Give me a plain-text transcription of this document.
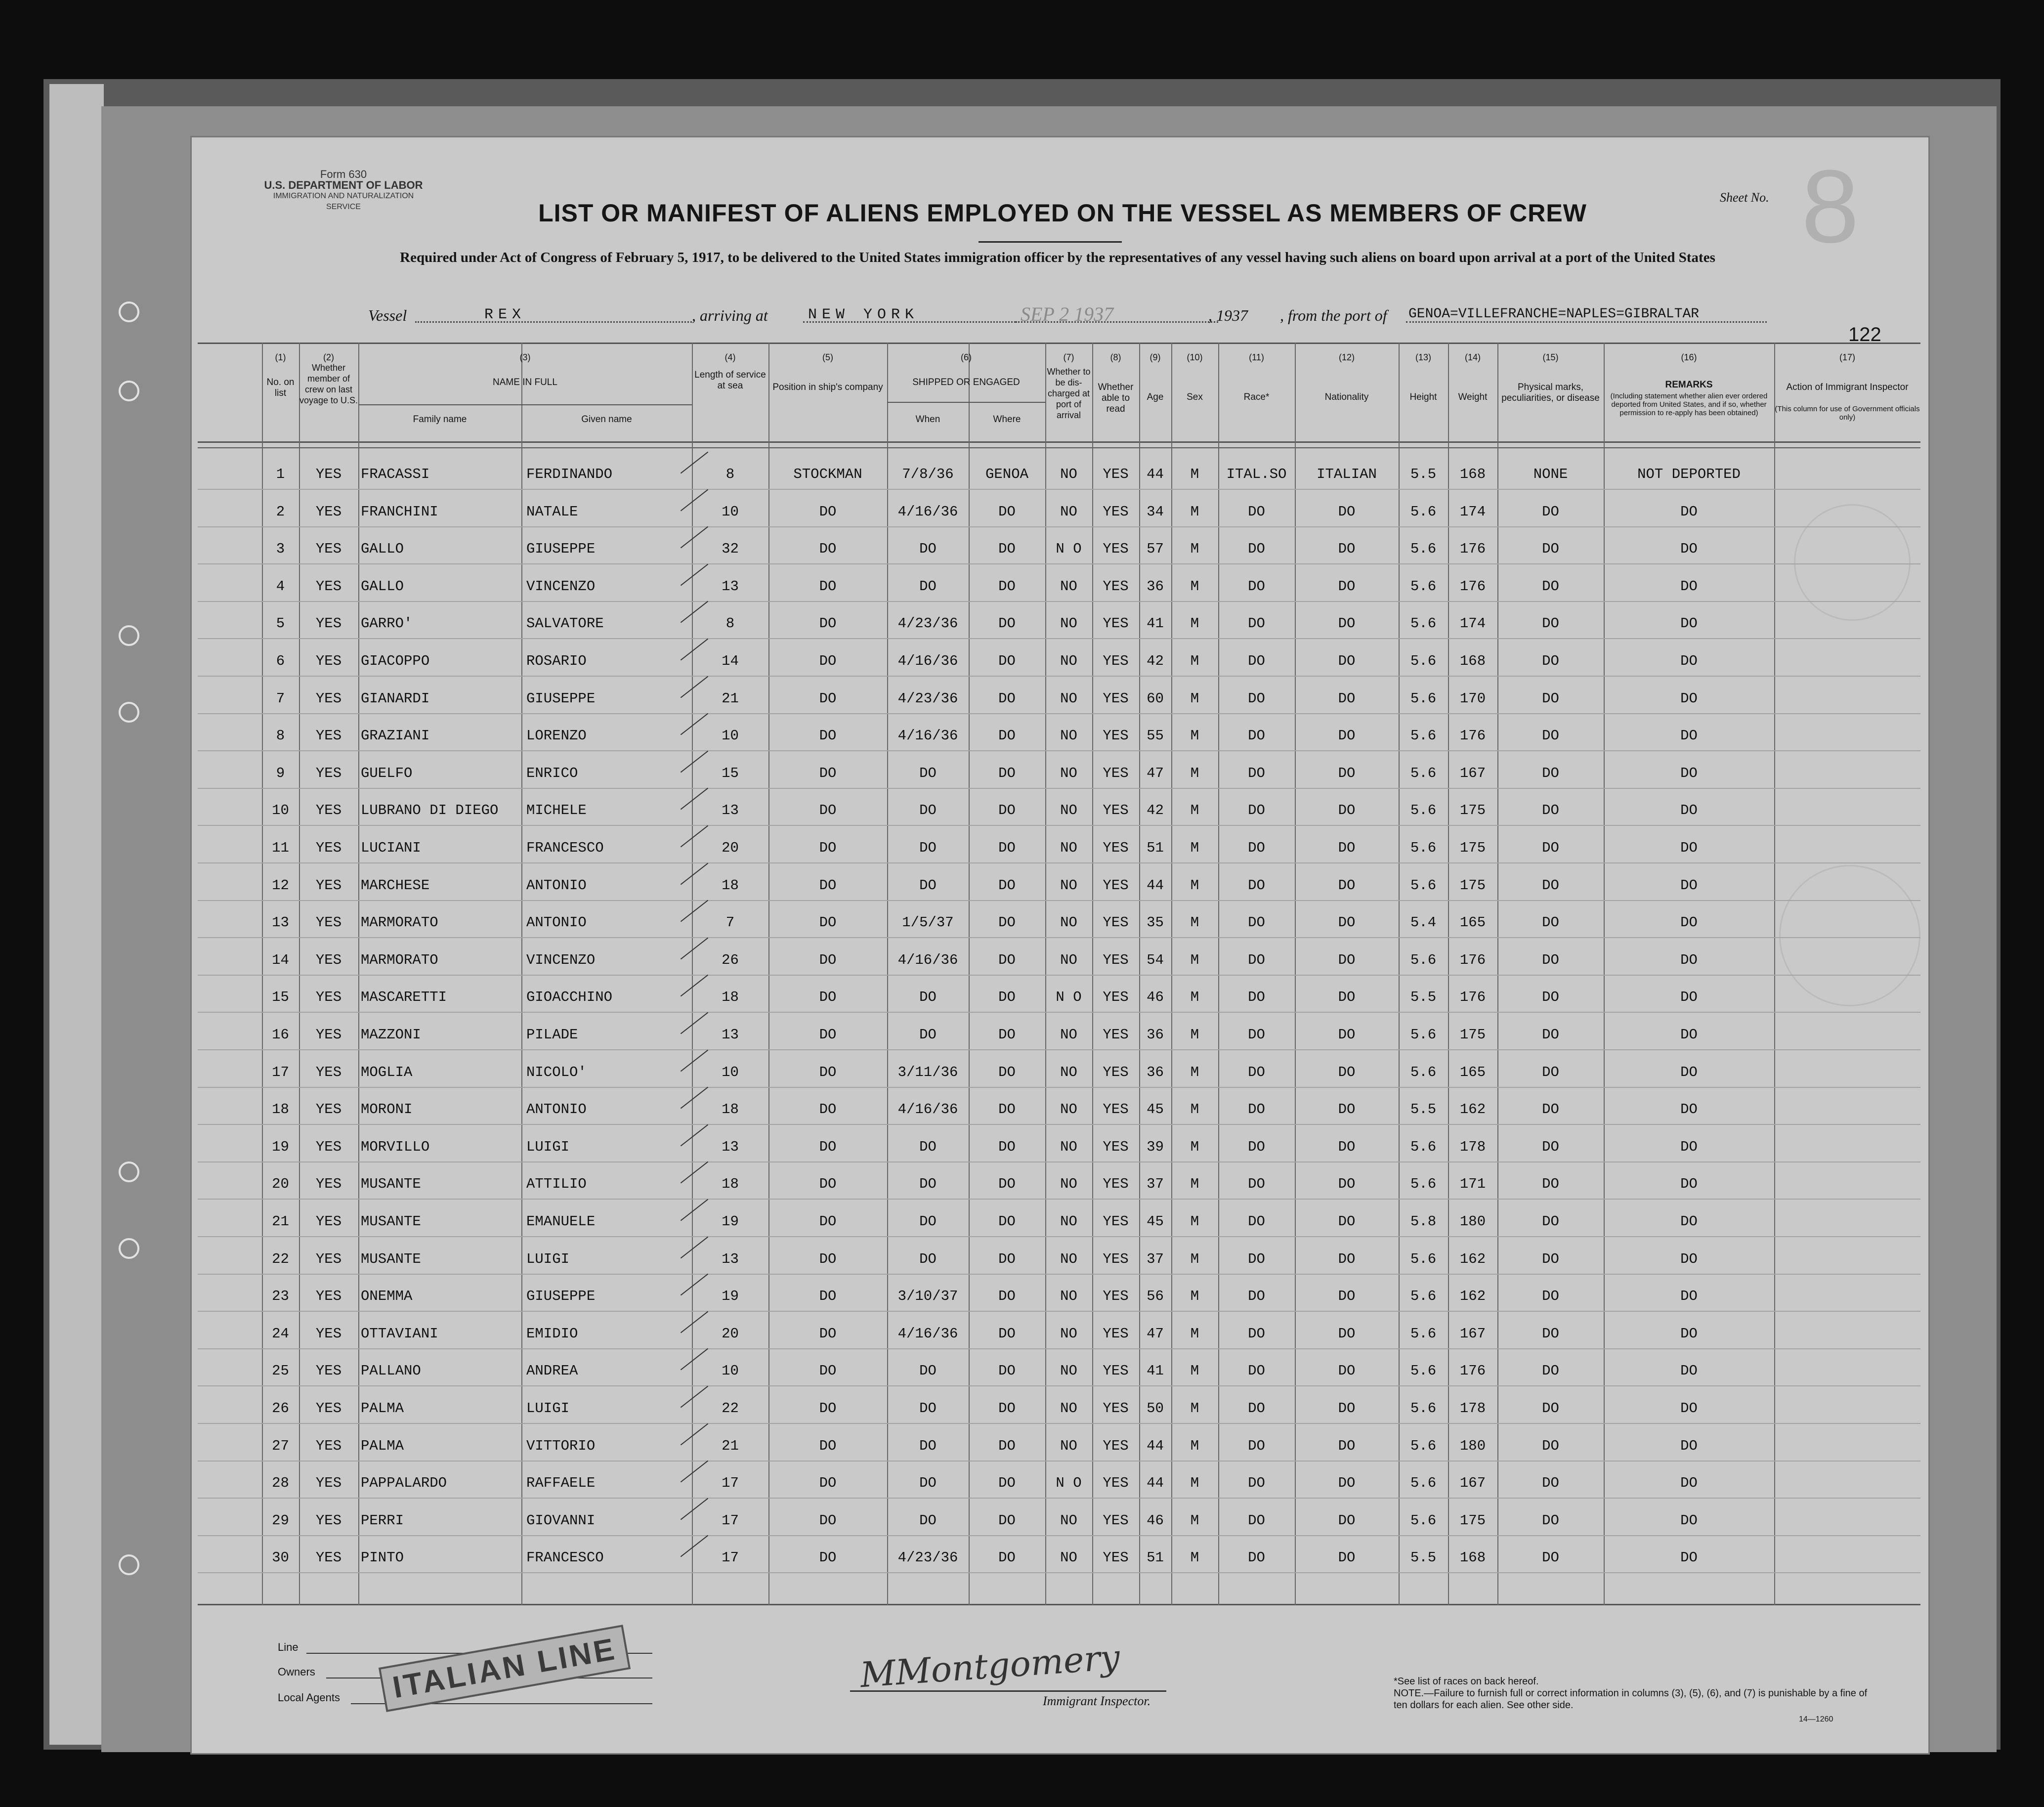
Form 630
U.S. DEPARTMENT OF LABOR
IMMIGRATION AND NATURALIZATION SERVICE
Sheet No. 8
LIST OR MANIFEST OF ALIENS EMPLOYED ON THE VESSEL AS MEMBERS OF CREW
Required under Act of Congress of February 5, 1917, to be delivered to the United States immigration officer by the representatives of any vessel having such aliens on board upon arrival at a port of the United States
Vessel	REX	, arriving at	NEW YORK	SEP 2 1937	, 1937 , from the port of GENOA=VILLEFRANCHE=NAPLES=GIBRALTAR
122
(1)	(2)	(3)	(4)	(5)	(6)	(7)	(8)	(9)	(10)	(11)	(12)	(13)	(14)	(15)	(16)	(17)
No. on list
Whether member of crew on last voyage to U.S.
NAME IN FULL
Family name	Given name
Length of service at sea	Position in ship's company	SHIPPED OR ENGAGED
When	Where
Whether to be dis-charged at port of arrival
Whether able to read
Age	Sex	Race*	Nationality	Height	Weight
Physical marks, peculiarities, or disease
REMARKS
(Including statement whether alien ever ordered deported from United States, and if so, whether permission to re-apply has been obtained)
Action of Immigrant Inspector
(This column for use of Government officials only)
1	YES	FRACASSI	FERDINANDO	8	STOCKMAN	7/8/36	GENOA	NO	YES	44	M	ITAL.SO	ITALIAN	5.5	168	NONE	NOT DEPORTED
2	YES	FRANCHINI	NATALE	10	DO	4/16/36	DO	NO	YES	34	M	DO	DO	5.6	174	DO	DO
3	YES	GALLO	GIUSEPPE	32	DO	DO	DO	N O	YES	57	M	DO	DO	5.6	176	DO	DO
4	YES	GALLO	VINCENZO	13	DO	DO	DO	NO	YES	36	M	DO	DO	5.6	176	DO	DO
5	YES	GARRO'	SALVATORE	8	DO	4/23/36	DO	NO	YES	41	M	DO	DO	5.6	174	DO	DO
6	YES	GIACOPPO	ROSARIO	14	DO	4/16/36	DO	NO	YES	42	M	DO	DO	5.6	168	DO	DO
7	YES	GIANARDI	GIUSEPPE	21	DO	4/23/36	DO	NO	YES	60	M	DO	DO	5.6	170	DO	DO
8	YES	GRAZIANI	LORENZO	10	DO	4/16/36	DO	NO	YES	55	M	DO	DO	5.6	176	DO	DO
9	YES	GUELFO	ENRICO	15	DO	DO	DO	NO	YES	47	M	DO	DO	5.6	167	DO	DO
10	YES	LUBRANO DI DIEGO	MICHELE	13	DO	DO	DO	NO	YES	42	M	DO	DO	5.6	175	DO	DO
11	YES	LUCIANI	FRANCESCO	20	DO	DO	DO	NO	YES	51	M	DO	DO	5.6	175	DO	DO
12	YES	MARCHESE	ANTONIO	18	DO	DO	DO	NO	YES	44	M	DO	DO	5.6	175	DO	DO
13	YES	MARMORATO	ANTONIO	7	DO	1/5/37	DO	NO	YES	35	M	DO	DO	5.4	165	DO	DO
14	YES	MARMORATO	VINCENZO	26	DO	4/16/36	DO	NO	YES	54	M	DO	DO	5.6	176	DO	DO
15	YES	MASCARETTI	GIOACCHINO	18	DO	DO	DO	N O	YES	46	M	DO	DO	5.5	176	DO	DO
16	YES	MAZZONI	PILADE	13	DO	DO	DO	NO	YES	36	M	DO	DO	5.6	175	DO	DO
17	YES	MOGLIA	NICOLO'	10	DO	3/11/36	DO	NO	YES	36	M	DO	DO	5.6	165	DO	DO
18	YES	MORONI	ANTONIO	18	DO	4/16/36	DO	NO	YES	45	M	DO	DO	5.5	162	DO	DO
19	YES	MORVILLO	LUIGI	13	DO	DO	DO	NO	YES	39	M	DO	DO	5.6	178	DO	DO
20	YES	MUSANTE	ATTILIO	18	DO	DO	DO	NO	YES	37	M	DO	DO	5.6	171	DO	DO
21	YES	MUSANTE	EMANUELE	19	DO	DO	DO	NO	YES	45	M	DO	DO	5.8	180	DO	DO
22	YES	MUSANTE	LUIGI	13	DO	DO	DO	NO	YES	37	M	DO	DO	5.6	162	DO	DO
23	YES	ONEMMA	GIUSEPPE	19	DO	3/10/37	DO	NO	YES	56	M	DO	DO	5.6	162	DO	DO
24	YES	OTTAVIANI	EMIDIO	20	DO	4/16/36	DO	NO	YES	47	M	DO	DO	5.6	167	DO	DO
25	YES	PALLANO	ANDREA	10	DO	DO	DO	NO	YES	41	M	DO	DO	5.6	176	DO	DO
26	YES	PALMA	LUIGI	22	DO	DO	DO	NO	YES	50	M	DO	DO	5.6	178	DO	DO
27	YES	PALMA	VITTORIO	21	DO	DO	DO	NO	YES	44	M	DO	DO	5.6	180	DO	DO
28	YES	PAPPALARDO	RAFFAELE	17	DO	DO	DO	N O	YES	44	M	DO	DO	5.6	167	DO	DO
29	YES	PERRI	GIOVANNI	17	DO	DO	DO	NO	YES	46	M	DO	DO	5.6	175	DO	DO
30	YES	PINTO	FRANCESCO	17	DO	4/23/36	DO	NO	YES	51	M	DO	DO	5.5	168	DO	DO
Line
Owners
Local Agents	ITALIAN LINE	MMontgomery
Immigrant Inspector.
*See list of races on back hereof.
NOTE.—Failure to furnish full or correct information in columns (3), (5), (6), and (7) is punishable by a fine of ten dollars for each alien. See other side.
14—1260
